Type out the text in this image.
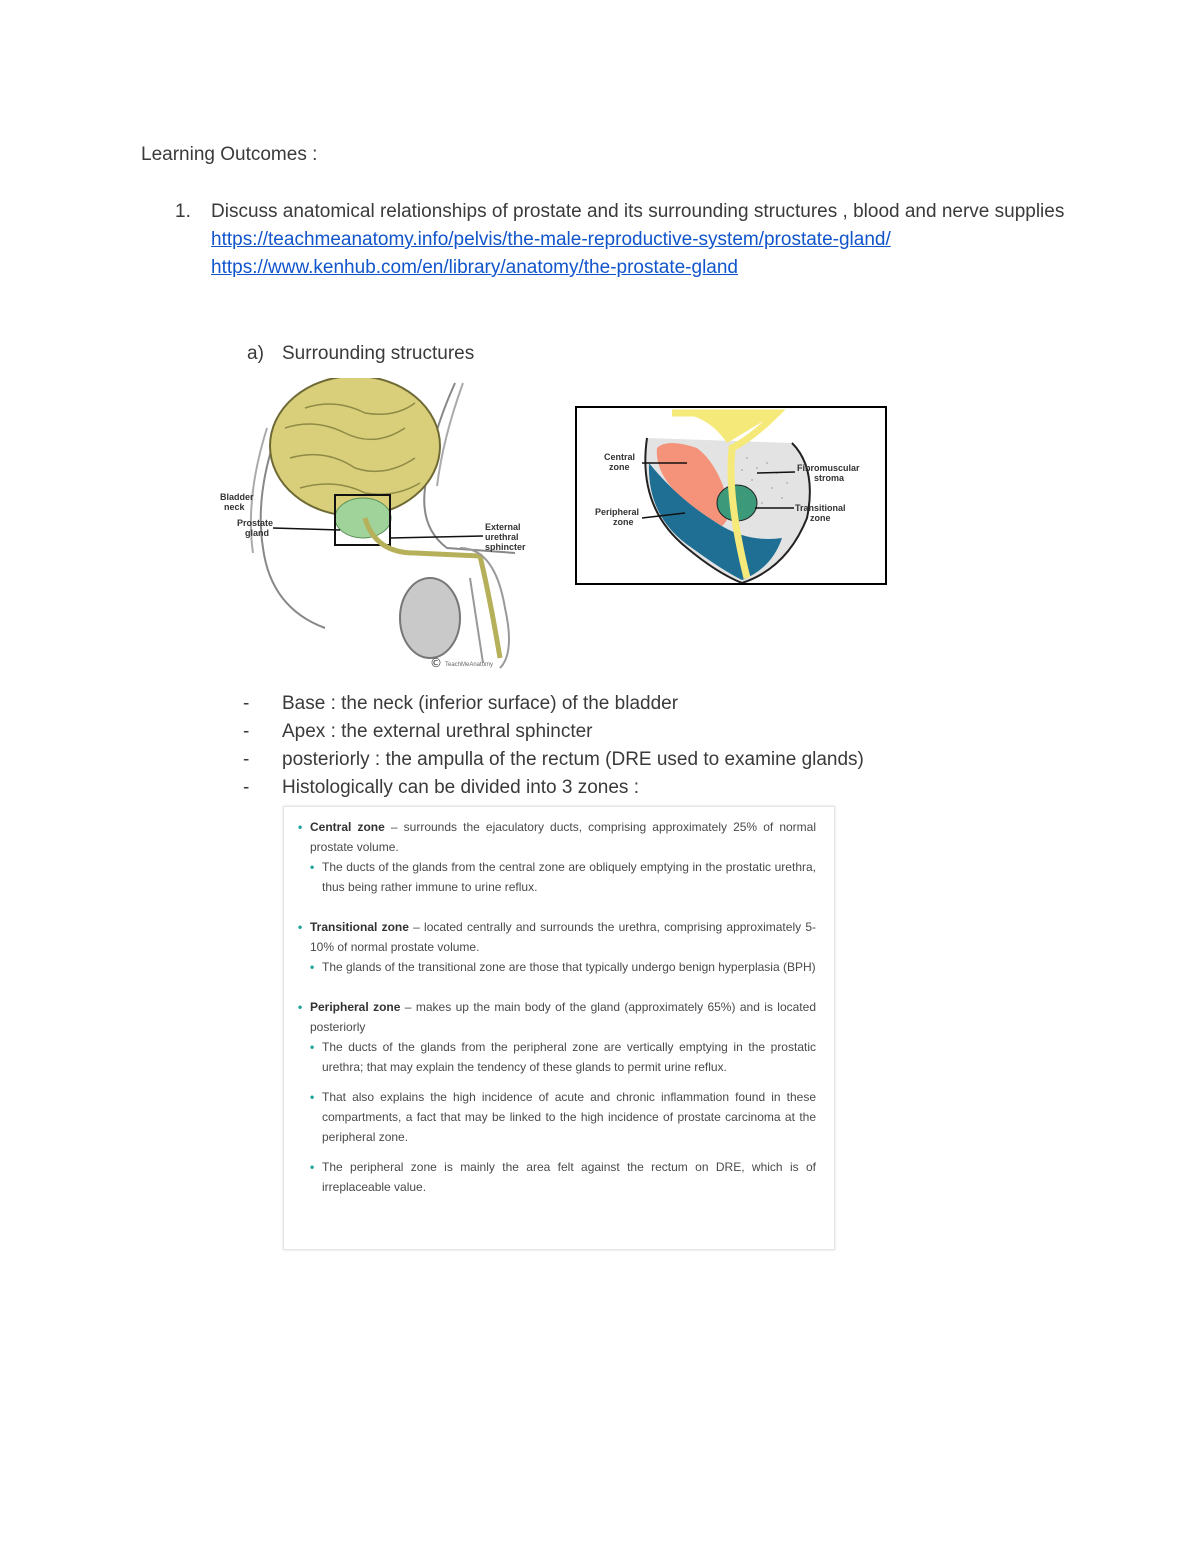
Learning Outcomes :
1. Discuss anatomical relationships of prostate and its surrounding structures , blood and nerve supplies
https://teachmeanatomy.info/pelvis/the-male-reproductive-system/prostate-gland/
https://www.kenhub.com/en/library/anatomy/the-prostate-gland
a) Surrounding structures
Bladder neck
Prostate gland
External urethral sphincter
© TeachMeAnatomy
Central zone
Peripheral zone
Fibromuscular stroma
Transitional zone
-	Base : the neck (inferior surface) of the bladder
-	Apex : the external urethral sphincter
-	posteriorly : the ampulla of the rectum (DRE used to examine glands)
-	Histologically can be divided into 3 zones :
• Central zone – surrounds the ejaculatory ducts, comprising approximately 25% of normal prostate volume.
• The ducts of the glands from the central zone are obliquely emptying in the prostatic urethra, thus being rather immune to urine reflux.
• Transitional zone – located centrally and surrounds the urethra, comprising approximately 5-10% of normal prostate volume.
• The glands of the transitional zone are those that typically undergo benign hyperplasia (BPH)
• Peripheral zone – makes up the main body of the gland (approximately 65%) and is located posteriorly
• The ducts of the glands from the peripheral zone are vertically emptying in the prostatic urethra; that may explain the tendency of these glands to permit urine reflux.
• That also explains the high incidence of acute and chronic inflammation found in these compartments, a fact that may be linked to the high incidence of prostate carcinoma at the peripheral zone.
• The peripheral zone is mainly the area felt against the rectum on DRE, which is of irreplaceable value.
